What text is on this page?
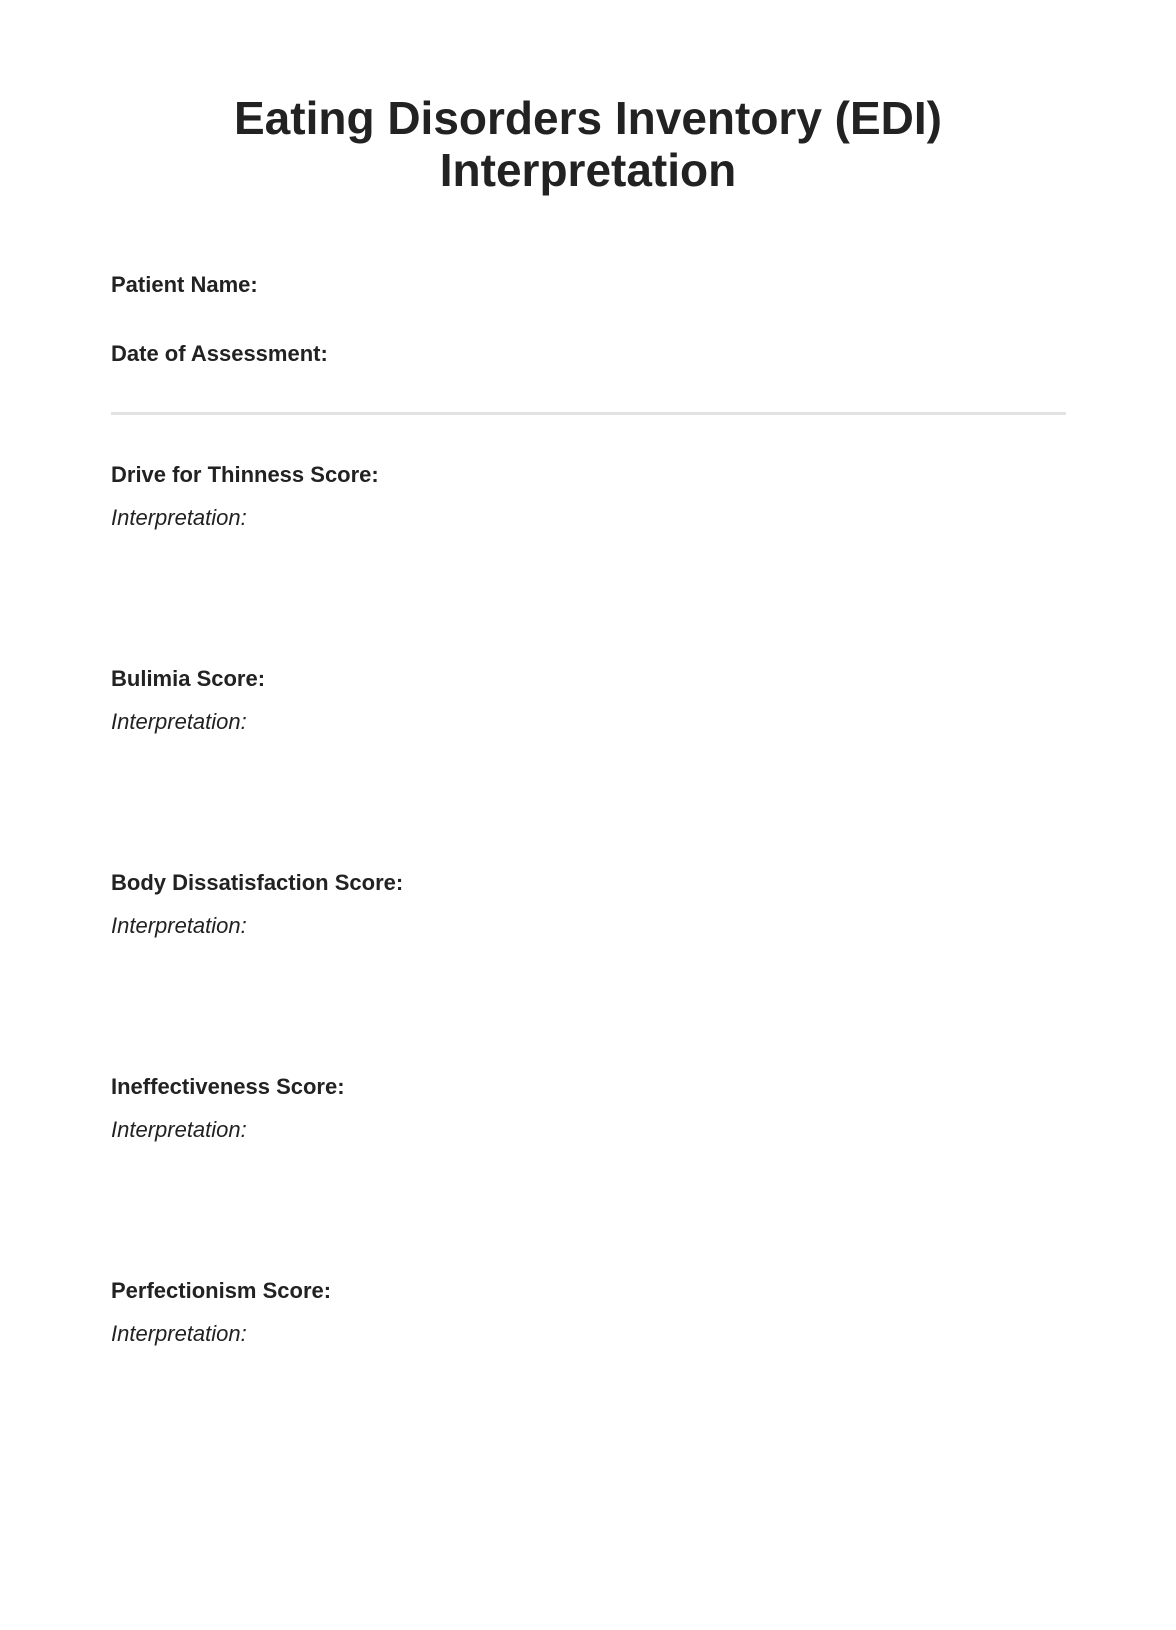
Eating Disorders Inventory (EDI)
Interpretation
Patient Name:
Date of Assessment:
Drive for Thinness Score:
Interpretation:
Bulimia Score:
Interpretation:
Body Dissatisfaction Score:
Interpretation:
Ineffectiveness Score:
Interpretation:
Perfectionism Score:
Interpretation:
